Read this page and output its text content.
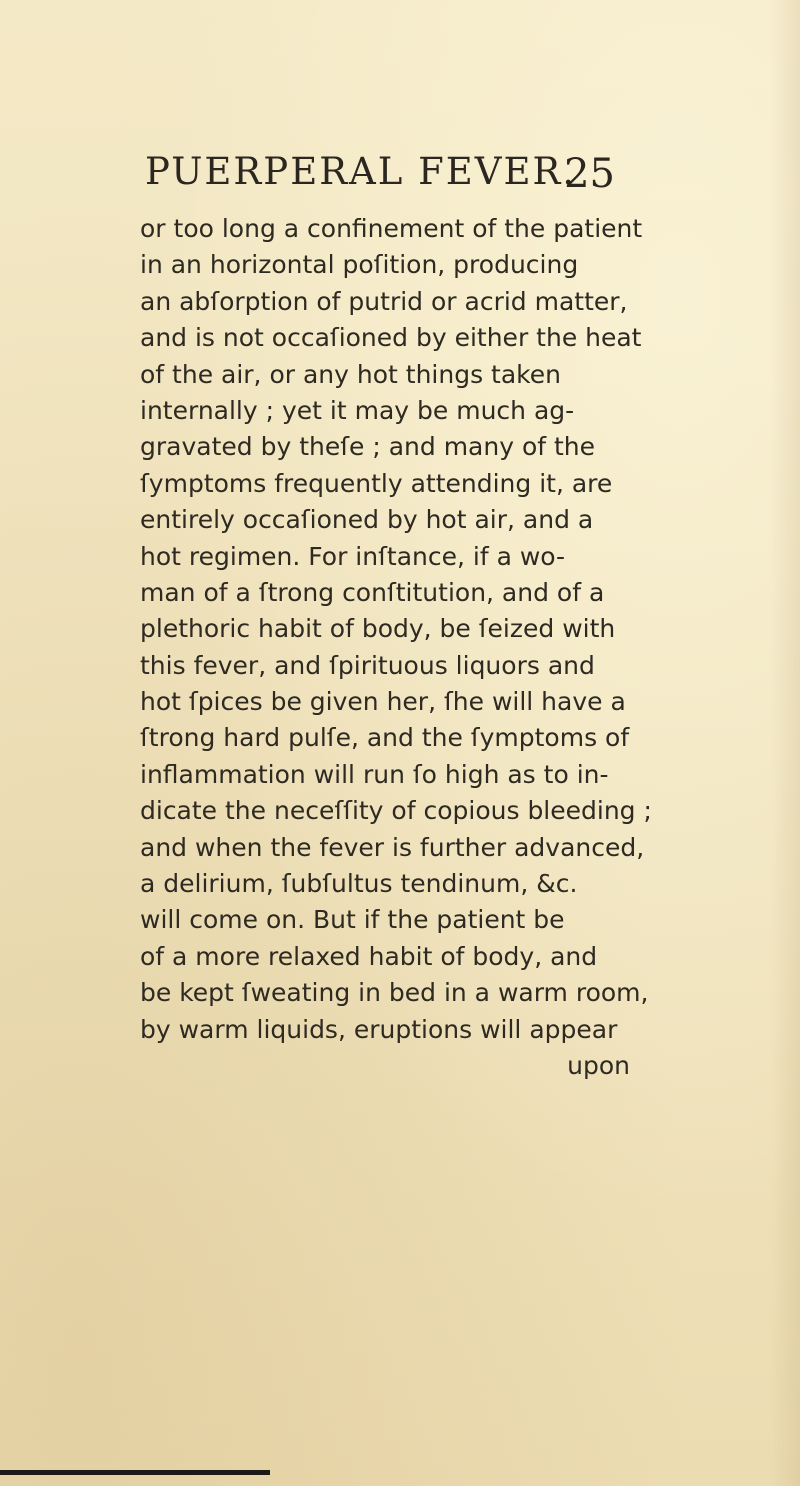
PUERPERAL FEVER.
25
or too long a confinement of the patient
in an horizontal poſition, producing
an abſorption of putrid or acrid matter,
and is not occaſioned by either the heat
of the air, or any hot things taken
internally ; yet it may be much ag-
gravated by theſe ; and many of the
ſymptoms frequently attending it, are
entirely occaſioned by hot air, and a
hot regimen. For inſtance, if a wo-
man of a ſtrong conſtitution, and of a
plethoric habit of body, be ſeized with
this fever, and ſpirituous liquors and
hot ſpices be given her, ſhe will have a
ſtrong hard pulſe, and the ſymptoms of
inflammation will run ſo high as to in-
dicate the neceſſity of copious bleeding ;
and when the fever is further advanced,
a delirium, ſubſultus tendinum, &c.
will come on. But if the patient be
of a more relaxed habit of body, and
be kept ſweating in bed in a warm room,
by warm liquids, eruptions will appear
upon
